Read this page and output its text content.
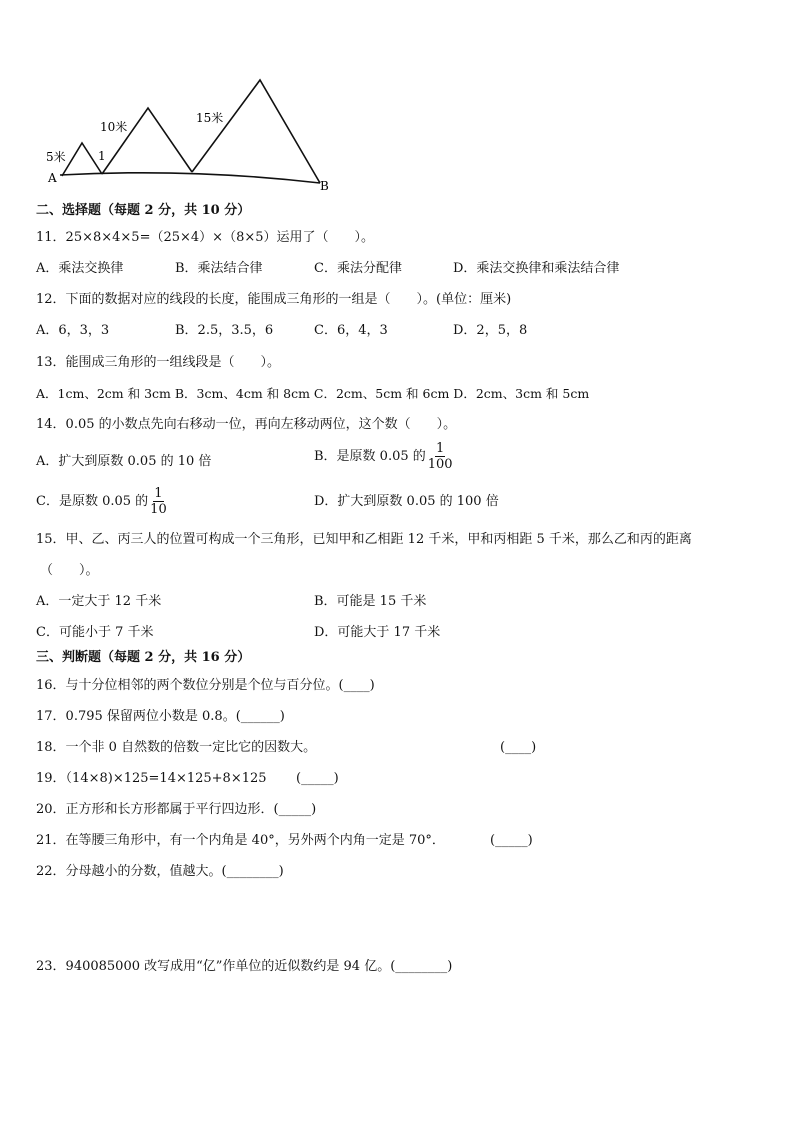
A
B
5米	1
10米
15米
二、选择题（每题 2 分，共 10 分）
11．25×8×4×5=（25×4）×（8×5）运用了（　　）。
A．乘法交换律	B．乘法结合律	C．乘法分配律	D．乘法交换律和乘法结合律
12．下面的数据对应的线段的长度，能围成三角形的一组是（　　）。(单位：厘米)
A．6，3，3	B．2.5，3.5，6	C．6，4，3	D．2，5，8
13．能围成三角形的一组线段是（　　）。
A．1cm、2cm 和 3cm B．3cm、4cm 和 8cm C．2cm、5cm 和 6cm D．2cm、3cm 和 5cm
14．0.05 的小数点先向右移动一位，再向左移动两位，这个数（　　）。
A．扩大到原数 0.05 的 10 倍	B．是原数 0.05 的 $\frac{1}{100}$
C．是原数 0.05 的 $\frac{1}{10}$	D．扩大到原数 0.05 的 100 倍
15．甲、乙、丙三人的位置可构成一个三角形，已知甲和乙相距 12 千米，甲和丙相距 5 千米，那么乙和丙的距离
（　　）。
A．一定大于 12 千米	B．可能是 15 千米
C．可能小于 7 千米	D．可能大于 17 千米
三、判断题（每题 2 分，共 16 分）
16．与十分位相邻的两个数位分别是个位与百分位。(____)
17．0.795 保留两位小数是 0.8。(______)
18．一个非 0 自然数的倍数一定比它的因数大。	(____)
19．（14×8)×125=14×125+8×125 (_____)
20．正方形和长方形都属于平行四边形．(_____)
21．在等腰三角形中，有一个内角是 40°，另外两个内角一定是 70°．	(_____)
22．分母越小的分数，值越大。(________)
23．940085000 改写成用“亿”作单位的近似数约是 94 亿。(________)
